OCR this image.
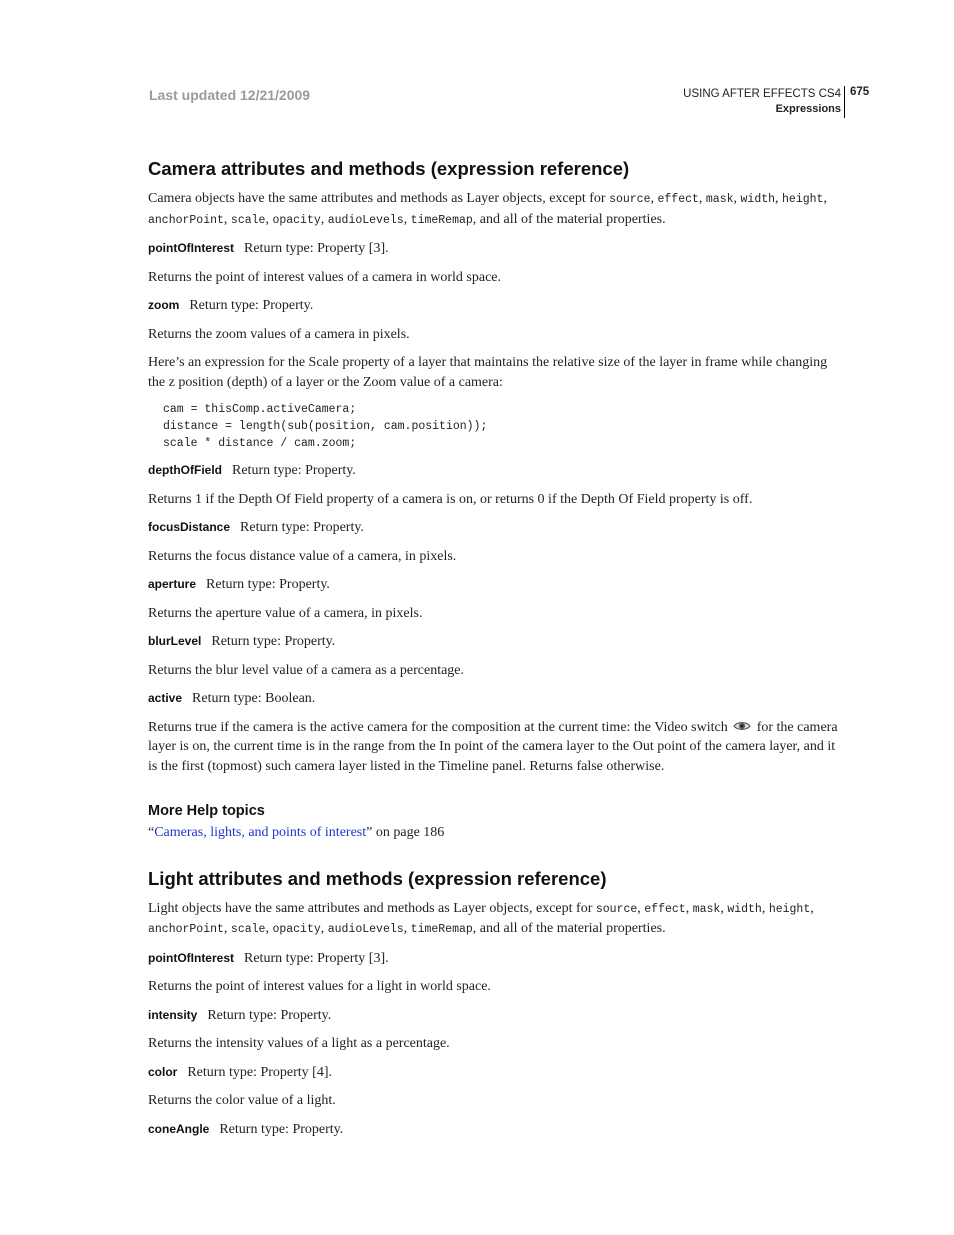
Last updated 12/21/2009	USING AFTER EFFECTS CS4
Expressions
675
Camera attributes and methods (expression reference)

Camera objects have the same attributes and methods as Layer objects, except for source, effect, mask, width, height, anchorPoint, scale, opacity, audioLevels, timeRemap, and all of the material properties.

pointOfInterest Return type: Property [3].

Returns the point of interest values of a camera in world space.

zoom Return type: Property.

Returns the zoom values of a camera in pixels.

Here’s an expression for the Scale property of a layer that maintains the relative size of the layer in frame while changing the z position (depth) of a layer or the Zoom value of a camera:

cam = thisComp.activeCamera;
distance = length(sub(position, cam.position));
scale * distance / cam.zoom;
depthOfField Return type: Property.

Returns 1 if the Depth Of Field property of a camera is on, or returns 0 if the Depth Of Field property is off.

focusDistance Return type: Property.

Returns the focus distance value of a camera, in pixels.

aperture Return type: Property.

Returns the aperture value of a camera, in pixels.

blurLevel Return type: Property.

Returns the blur level value of a camera as a percentage.

active Return type: Boolean.

Returns true if the camera is the active camera for the composition at the current time: the Video switch for the camera layer is on, the current time is in the range from the In point of the camera layer to the Out point of the camera layer, and it is the first (topmost) such camera layer listed in the Timeline panel. Returns false otherwise.

More Help topics

“Cameras, lights, and points of interest” on page 186

Light attributes and methods (expression reference)

Light objects have the same attributes and methods as Layer objects, except for source, effect, mask, width, height, anchorPoint, scale, opacity, audioLevels, timeRemap, and all of the material properties.

pointOfInterest Return type: Property [3].

Returns the point of interest values for a light in world space.

intensity Return type: Property.

Returns the intensity values of a light as a percentage.

color Return type: Property [4].

Returns the color value of a light.

coneAngle Return type: Property.
